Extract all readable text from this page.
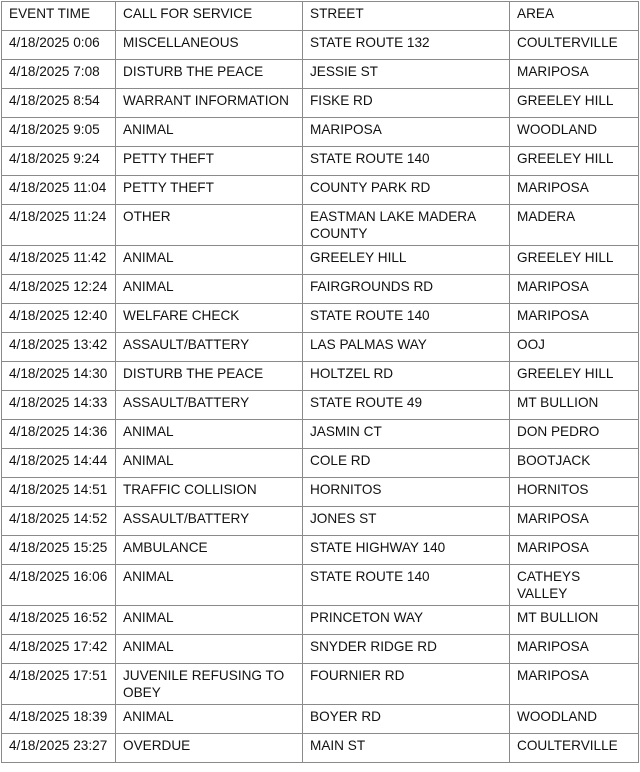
EVENT TIME	CALL FOR SERVICE	STREET	AREA
4/18/2025 0:06	MISCELLANEOUS	STATE ROUTE 132	COULTERVILLE
4/18/2025 7:08	DISTURB THE PEACE	JESSIE ST	MARIPOSA
4/18/2025 8:54	WARRANT INFORMATION	FISKE RD	GREELEY HILL
4/18/2025 9:05	ANIMAL	MARIPOSA	WOODLAND
4/18/2025 9:24	PETTY THEFT	STATE ROUTE 140	GREELEY HILL
4/18/2025 11:04	PETTY THEFT	COUNTY PARK RD	MARIPOSA
4/18/2025 11:24	OTHER	EASTMAN LAKE MADERA COUNTY	MADERA
4/18/2025 11:42	ANIMAL	GREELEY HILL	GREELEY HILL
4/18/2025 12:24	ANIMAL	FAIRGROUNDS RD	MARIPOSA
4/18/2025 12:40	WELFARE CHECK	STATE ROUTE 140	MARIPOSA
4/18/2025 13:42	ASSAULT/BATTERY	LAS PALMAS WAY	OOJ
4/18/2025 14:30	DISTURB THE PEACE	HOLTZEL RD	GREELEY HILL
4/18/2025 14:33	ASSAULT/BATTERY	STATE ROUTE 49	MT BULLION
4/18/2025 14:36	ANIMAL	JASMIN CT	DON PEDRO
4/18/2025 14:44	ANIMAL	COLE RD	BOOTJACK
4/18/2025 14:51	TRAFFIC COLLISION	HORNITOS	HORNITOS
4/18/2025 14:52	ASSAULT/BATTERY	JONES ST	MARIPOSA
4/18/2025 15:25	AMBULANCE	STATE HIGHWAY 140	MARIPOSA
4/18/2025 16:06	ANIMAL	STATE ROUTE 140	CATHEYS VALLEY
4/18/2025 16:52	ANIMAL	PRINCETON WAY	MT BULLION
4/18/2025 17:42	ANIMAL	SNYDER RIDGE RD	MARIPOSA
4/18/2025 17:51	JUVENILE REFUSING TO OBEY	FOURNIER RD	MARIPOSA
4/18/2025 18:39	ANIMAL	BOYER RD	WOODLAND
4/18/2025 23:27	OVERDUE	MAIN ST	COULTERVILLE
